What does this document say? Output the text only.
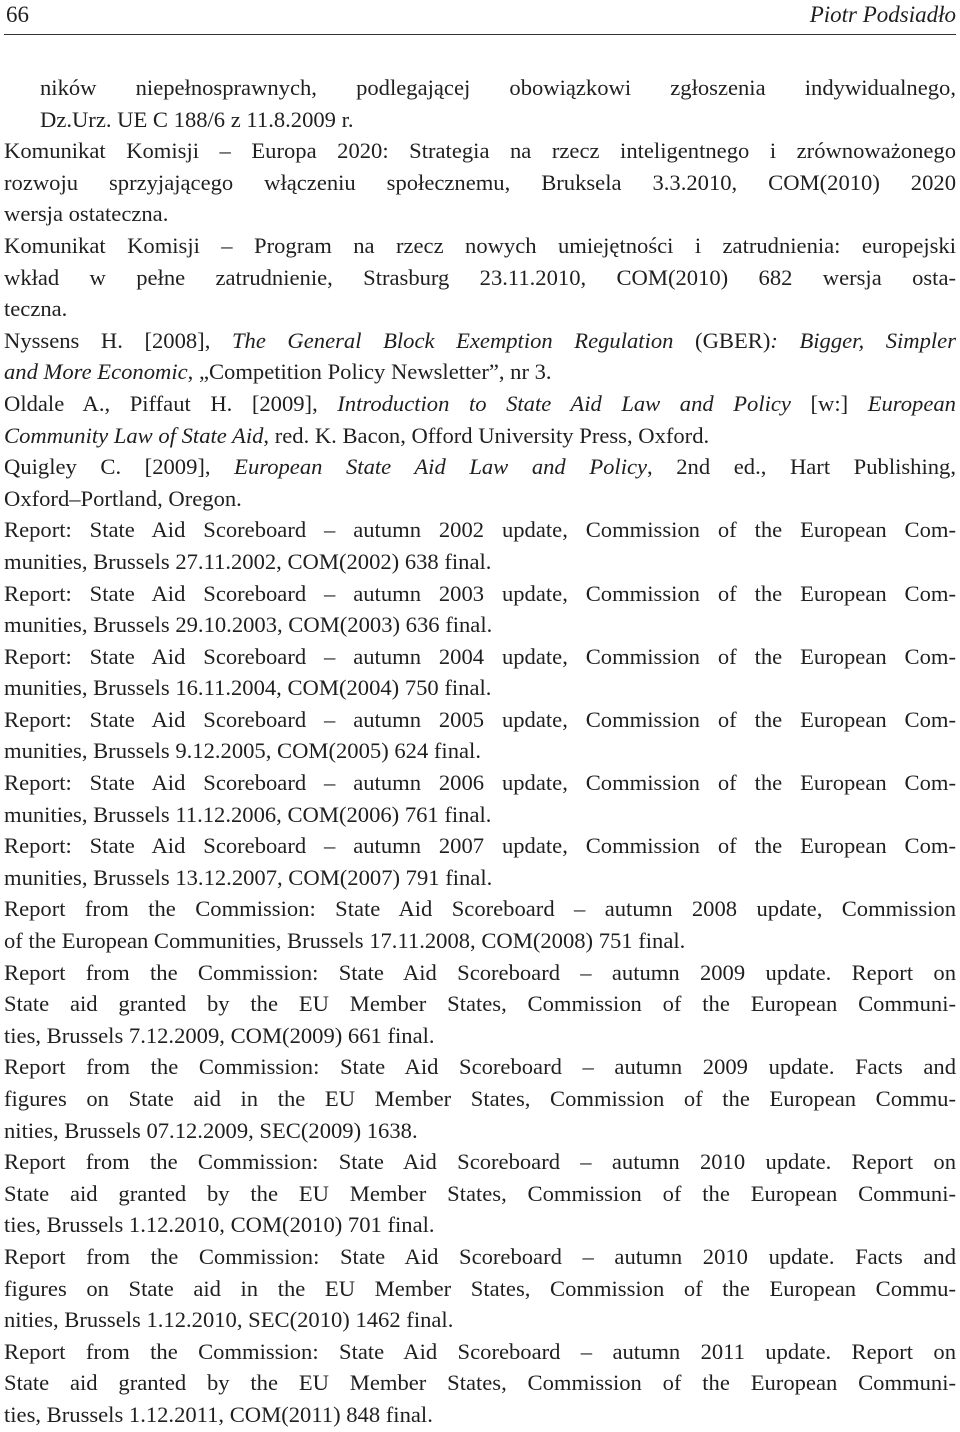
66	Piotr Podsiadło

ników niepełnosprawnych, podlegającej obowiązkowi zgłoszenia indywidualnego,
Dz.Urz. UE C 188/6 z 11.8.2009 r.

Komunikat Komisji – Europa 2020: Strategia na rzecz inteligentnego i zrównoważonego
rozwoju sprzyjającego włączeniu społecznemu, Bruksela 3.3.2010, COM(2010) 2020
wersja ostateczna.

Komunikat Komisji – Program na rzecz nowych umiejętności i zatrudnienia: europejski
wkład w pełne zatrudnienie, Strasburg 23.11.2010, COM(2010) 682 wersja osta-
teczna.

Nyssens H. [2008], The General Block Exemption Regulation (GBER): Bigger, Simpler
and More Economic, „Competition Policy Newsletter”, nr 3.

Oldale A., Piffaut H. [2009], Introduction to State Aid Law and Policy [w:] European
Community Law of State Aid, red. K. Bacon, Offord University Press, Oxford.

Quigley C. [2009], European State Aid Law and Policy, 2nd ed., Hart Publishing,
Oxford–Portland, Oregon.

Report: State Aid Scoreboard – autumn 2002 update, Commission of the European Com-
munities, Brussels 27.11.2002, COM(2002) 638 final.

Report: State Aid Scoreboard – autumn 2003 update, Commission of the European Com-
munities, Brussels 29.10.2003, COM(2003) 636 final.

Report: State Aid Scoreboard – autumn 2004 update, Commission of the European Com-
munities, Brussels 16.11.2004, COM(2004) 750 final.

Report: State Aid Scoreboard – autumn 2005 update, Commission of the European Com-
munities, Brussels 9.12.2005, COM(2005) 624 final.

Report: State Aid Scoreboard – autumn 2006 update, Commission of the European Com-
munities, Brussels 11.12.2006, COM(2006) 761 final.

Report: State Aid Scoreboard – autumn 2007 update, Commission of the European Com-
munities, Brussels 13.12.2007, COM(2007) 791 final.

Report from the Commission: State Aid Scoreboard – autumn 2008 update, Commission
of the European Communities, Brussels 17.11.2008, COM(2008) 751 final.

Report from the Commission: State Aid Scoreboard – autumn 2009 update. Report on
State aid granted by the EU Member States, Commission of the European Communi-
ties, Brussels 7.12.2009, COM(2009) 661 final.

Report from the Commission: State Aid Scoreboard – autumn 2009 update. Facts and
figures on State aid in the EU Member States, Commission of the European Commu-
nities, Brussels 07.12.2009, SEC(2009) 1638.

Report from the Commission: State Aid Scoreboard – autumn 2010 update. Report on
State aid granted by the EU Member States, Commission of the European Communi-
ties, Brussels 1.12.2010, COM(2010) 701 final.

Report from the Commission: State Aid Scoreboard – autumn 2010 update. Facts and
figures on State aid in the EU Member States, Commission of the European Commu-
nities, Brussels 1.12.2010, SEC(2010) 1462 final.

Report from the Commission: State Aid Scoreboard – autumn 2011 update. Report on
State aid granted by the EU Member States, Commission of the European Communi-
ties, Brussels 1.12.2011, COM(2011) 848 final.
